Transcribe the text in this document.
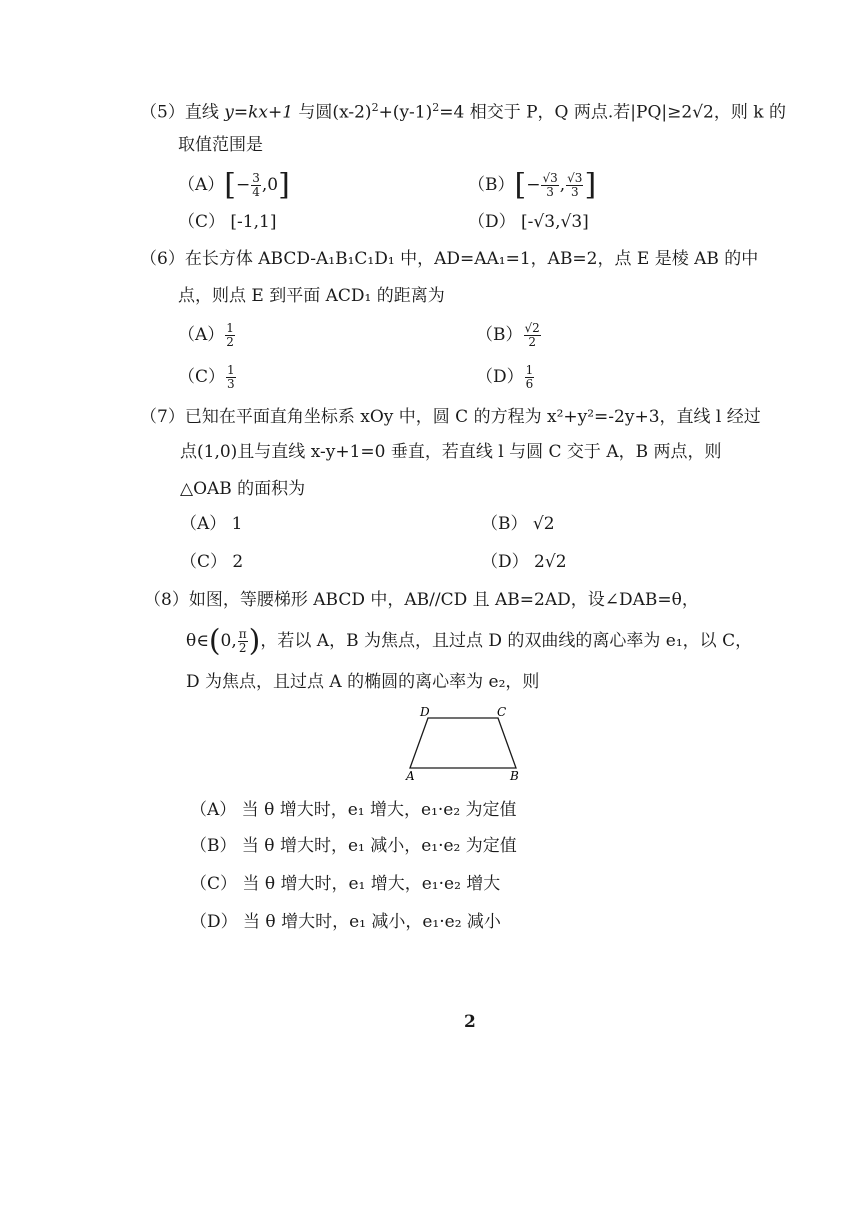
（5）直线 y=kx+1 与圆$(x-2)^2+(y-1)^2=4$ 相交于 P，Q 两点.若|PQ|≥2√2，则 k 的
取值范围是
$(A)[- \frac{3}{4} ,0]$	$(B)[- \frac{√3}{3}$ , $\frac{√3}{3}$ ]
（C） [-1,1]	（D） [-√3,√3]
（6）在长方体 ABCD-A₁B₁C₁D₁ 中，AD=AA₁=1，AB=2，点 E 是棱 AB 的中
点，则点 E 到平面 ACD₁ 的距离为
$(A) \frac{1}{2}$	$(B) \frac{√2}{2}$
$(C) \frac{1}{3}$	$(D) \frac{1}{6}$
（7）已知在平面直角坐标系 xOy 中，圆 C 的方程为 x²+y²=-2y+3，直线 l 经过
点(1,0)且与直线 x-y+1=0 垂直，若直线 l 与圆 C 交于 A，B 两点，则
△OAB 的面积为
（A） 1	（B） √2
（C） 2	（D） 2√2
（8）如图，等腰梯形 ABCD 中，AB//CD 且 AB=2AD，设∠DAB=θ，
θ∈(0, $\frac{\pi}{2}$ )，若以 A，B 为焦点，且过点 D 的双曲线的离心率为 e₁，以 C，
D 为焦点，且过点 A 的椭圆的离心率为 e₂，则
D	C
A	B
（A） 当 θ 增大时，e₁ 增大，e₁·e₂ 为定值
（B） 当 θ 增大时，e₁ 减小，e₁·e₂ 为定值
（C） 当 θ 增大时，e₁ 增大，e₁·e₂ 增大
（D） 当 θ 增大时，e₁ 减小，e₁·e₂ 减小
2
